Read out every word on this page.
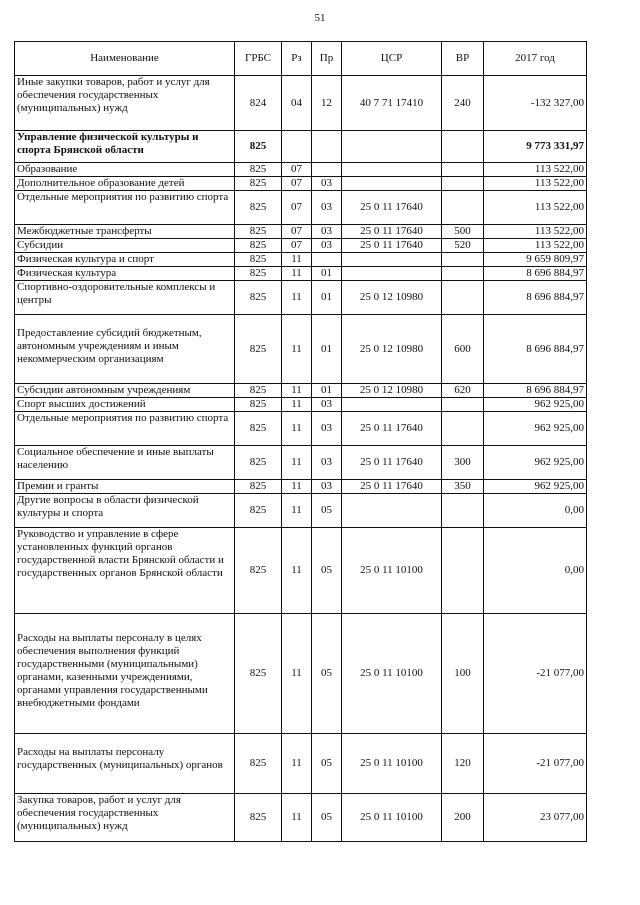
51
Наименование	ГРБС	Рз	Пр	ЦСР	ВР	2017 год
Иные закупки товаров, работ и услуг для обеспечения государственных (муниципальных) нужд	824	04	12	40 7 71 17410	240	-132 327,00
Управление физической культуры и спорта Брянской области	825					9 773 331,97
Образование	825	07				113 522,00
Дополнительное образование детей	825	07	03			113 522,00
Отдельные мероприятия по развитию спорта	825	07	03	25 0 11 17640		113 522,00
Межбюджетные трансферты	825	07	03	25 0 11 17640	500	113 522,00
Субсидии	825	07	03	25 0 11 17640	520	113 522,00
Физическая культура и спорт	825	11				9 659 809,97
Физическая культура	825	11	01			8 696 884,97
Спортивно-оздоровительные комплексы и центры	825	11	01	25 0 12 10980		8 696 884,97
Предоставление субсидий бюджетным, автономным учреждениям и иным некоммерческим организациям	825	11	01	25 0 12 10980	600	8 696 884,97
Субсидии автономным учреждениям	825	11	01	25 0 12 10980	620	8 696 884,97
Спорт высших достижений	825	11	03			962 925,00
Отдельные мероприятия по развитию спорта	825	11	03	25 0 11 17640		962 925,00
Социальное обеспечение и иные выплаты населению	825	11	03	25 0 11 17640	300	962 925,00
Премии и гранты	825	11	03	25 0 11 17640	350	962 925,00
Другие вопросы в области физической культуры и спорта	825	11	05			0,00
Руководство и управление в сфере установленных функций органов государственной власти Брянской области и государственных органов Брянской области	825	11	05	25 0 11 10100		0,00
Расходы на выплаты персоналу в целях обеспечения выполнения функций государственными (муниципальными) органами, казенными учреждениями, органами управления государственными внебюджетными фондами	825	11	05	25 0 11 10100	100	-21 077,00
Расходы на выплаты персоналу государственных (муниципальных) органов	825	11	05	25 0 11 10100	120	-21 077,00
Закупка товаров, работ и услуг для обеспечения государственных (муниципальных) нужд	825	11	05	25 0 11 10100	200	23 077,00
